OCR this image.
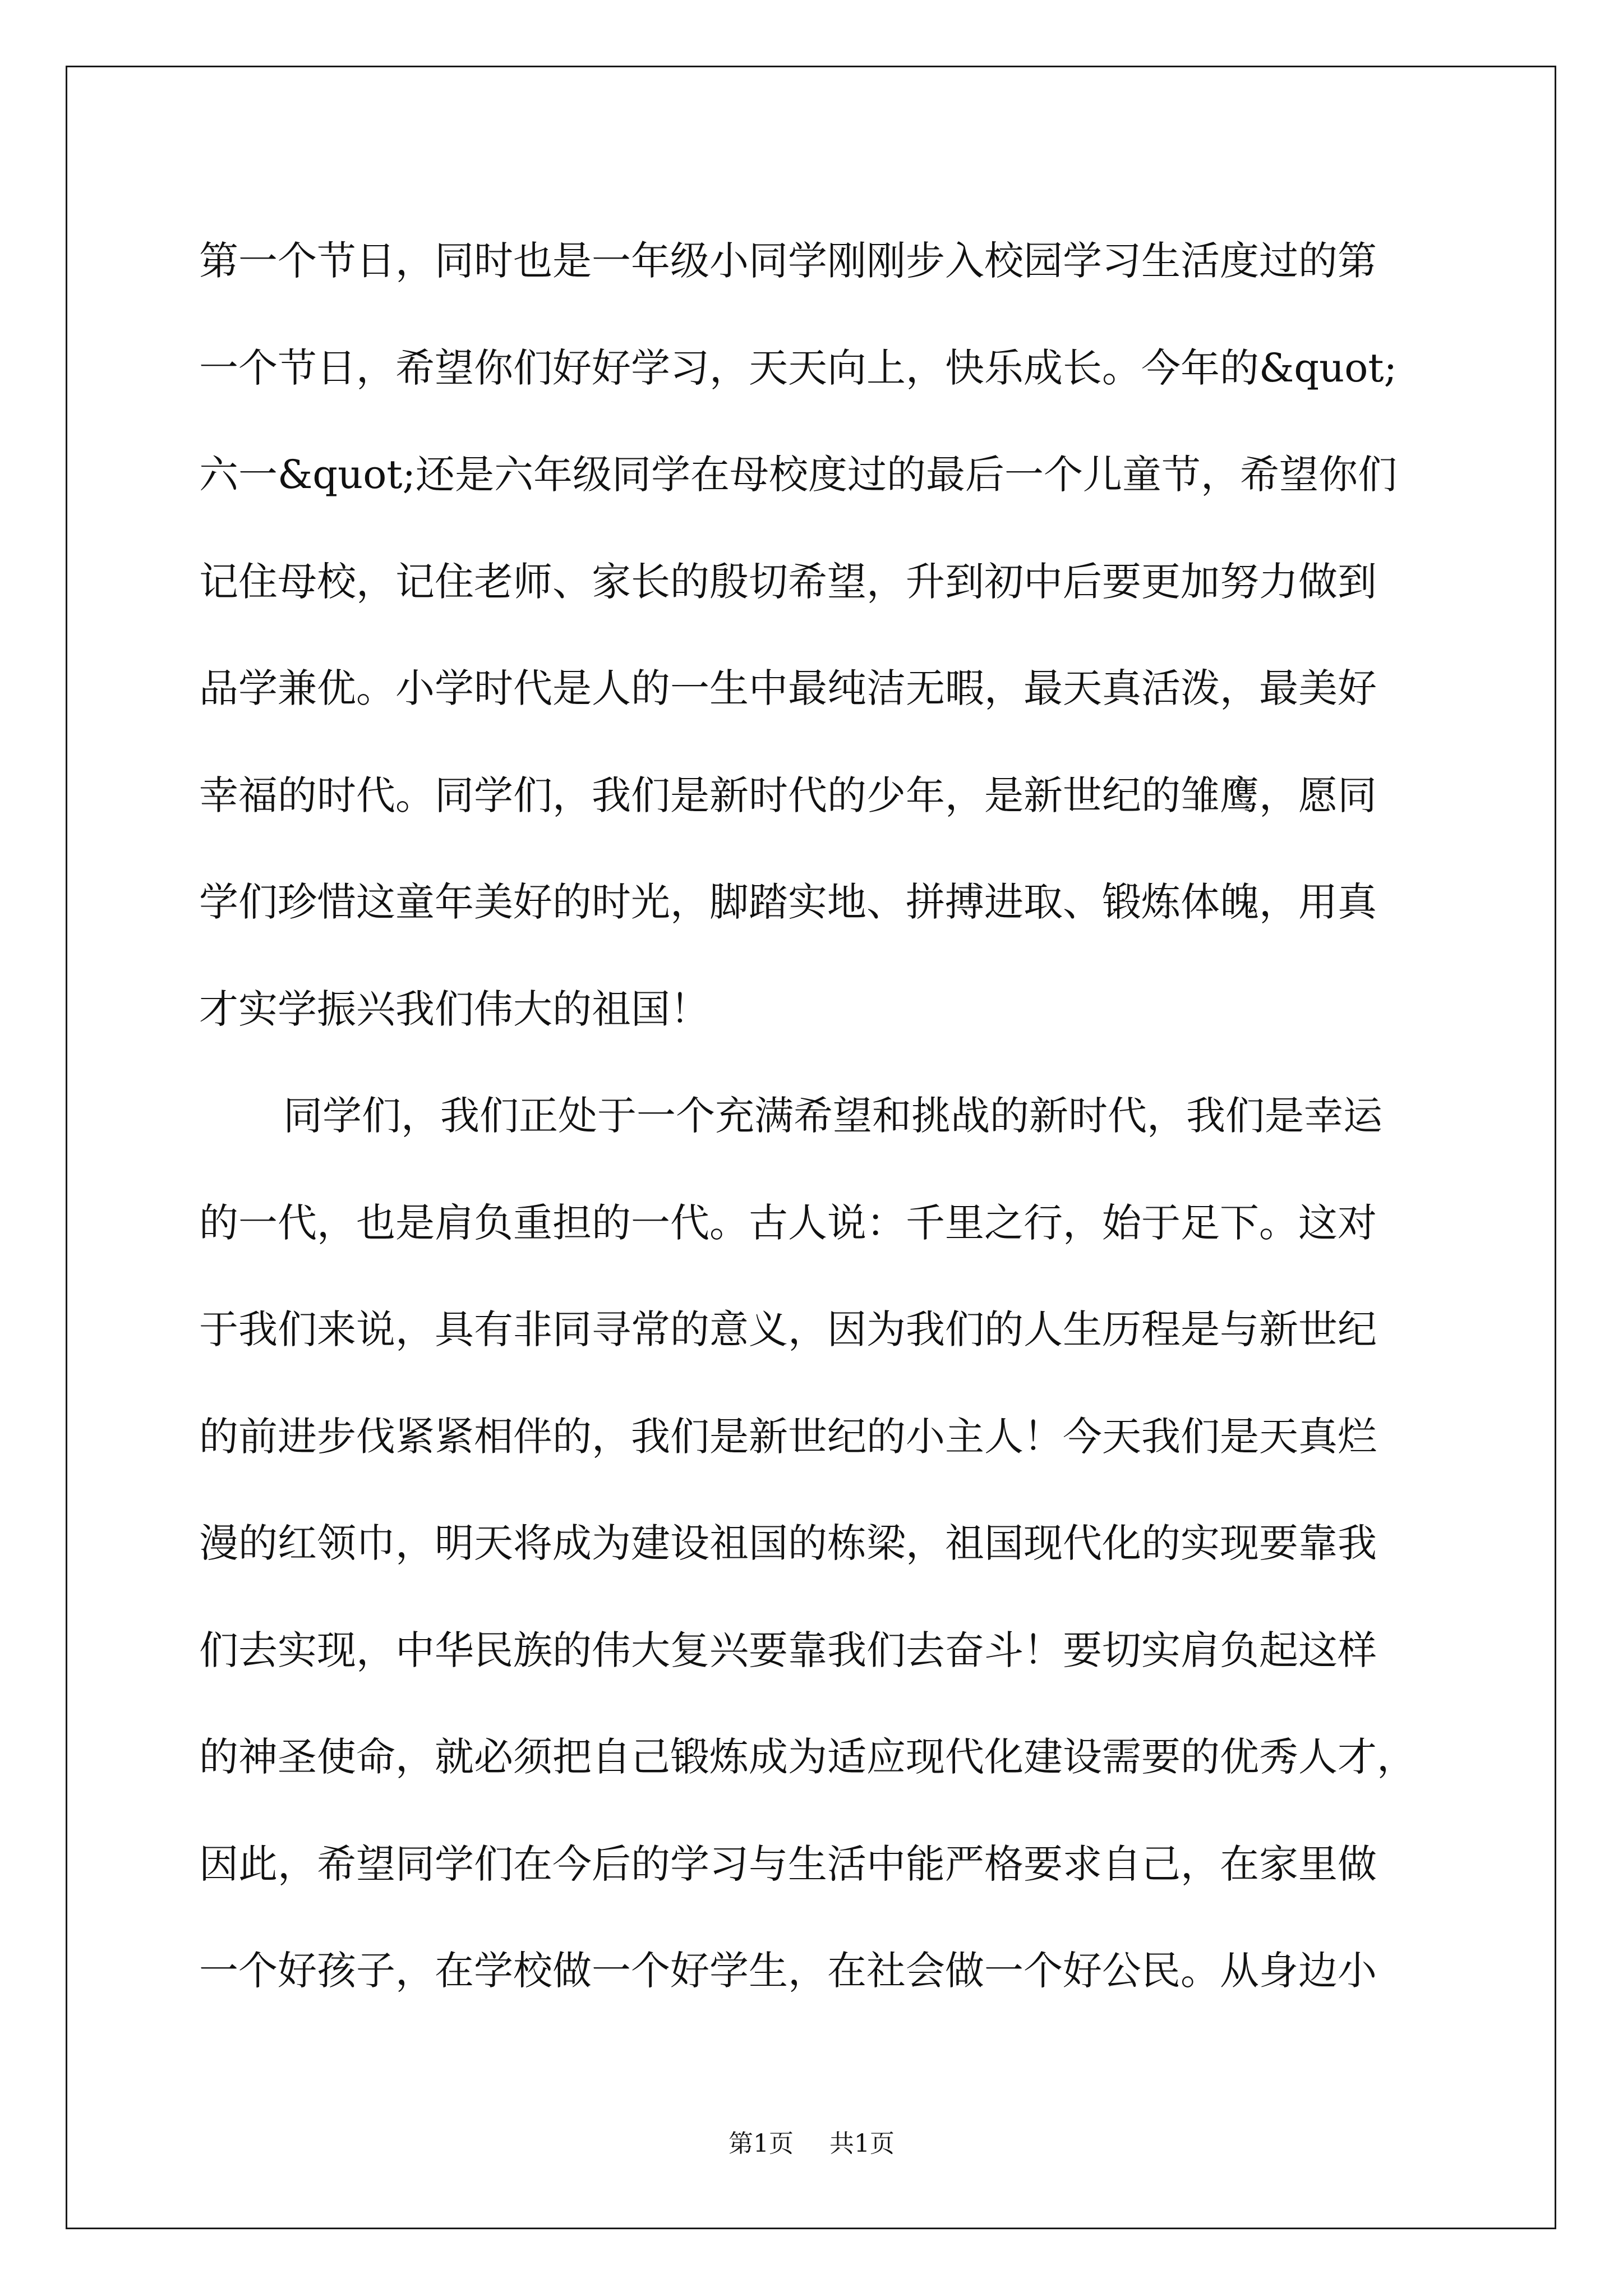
第一个节日，同时也是一年级小同学刚刚步入校园学习生活度过的第
一个节日，希望你们好好学习，天天向上，快乐成长。今年的&quot;
六一&quot;还是六年级同学在母校度过的最后一个儿童节，希望你们
记住母校，记住老师、家长的殷切希望，升到初中后要更加努力做到
品学兼优。小学时代是人的一生中最纯洁无暇，最天真活泼，最美好
幸福的时代。同学们，我们是新时代的少年，是新世纪的雏鹰，愿同
学们珍惜这童年美好的时光，脚踏实地、拼搏进取、锻炼体魄，用真
才实学振兴我们伟大的祖国！
同学们，我们正处于一个充满希望和挑战的新时代，我们是幸运
的一代，也是肩负重担的一代。古人说：千里之行，始于足下。这对
于我们来说，具有非同寻常的意义，因为我们的人生历程是与新世纪
的前进步伐紧紧相伴的，我们是新世纪的小主人！今天我们是天真烂
漫的红领巾，明天将成为建设祖国的栋梁，祖国现代化的实现要靠我
们去实现，中华民族的伟大复兴要靠我们去奋斗！要切实肩负起这样
的神圣使命，就必须把自己锻炼成为适应现代化建设需要的优秀人才，
因此，希望同学们在今后的学习与生活中能严格要求自己，在家里做
一个好孩子，在学校做一个好学生，在社会做一个好公民。从身边小
第1页 共1页
